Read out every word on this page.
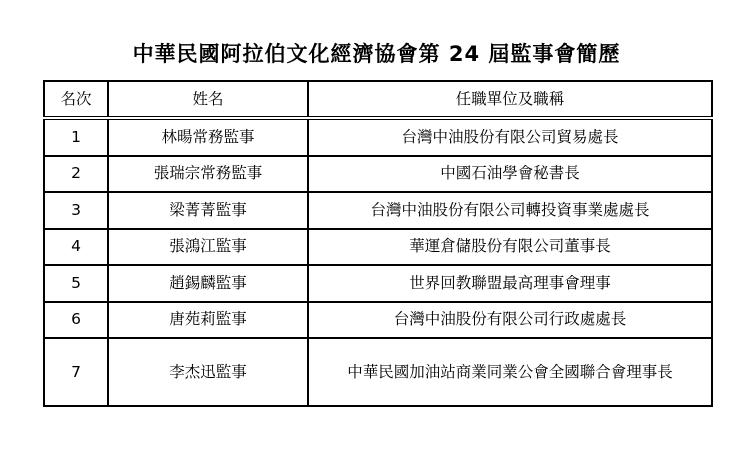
中華民國阿拉伯文化經濟協會第 24 屆監事會簡歷
名次	姓名	任職單位及職稱
1	林暘常務監事	台灣中油股份有限公司貿易處長
2	張瑞宗常務監事	中國石油學會秘書長
3	梁菁菁監事	台灣中油股份有限公司轉投資事業處處長
4	張鴻江監事	華運倉儲股份有限公司董事長
5	趙錫麟監事	世界回教聯盟最高理事會理事
6	唐苑莉監事	台灣中油股份有限公司行政處處長
7	李杰迅監事	中華民國加油站商業同業公會全國聯合會理事長
